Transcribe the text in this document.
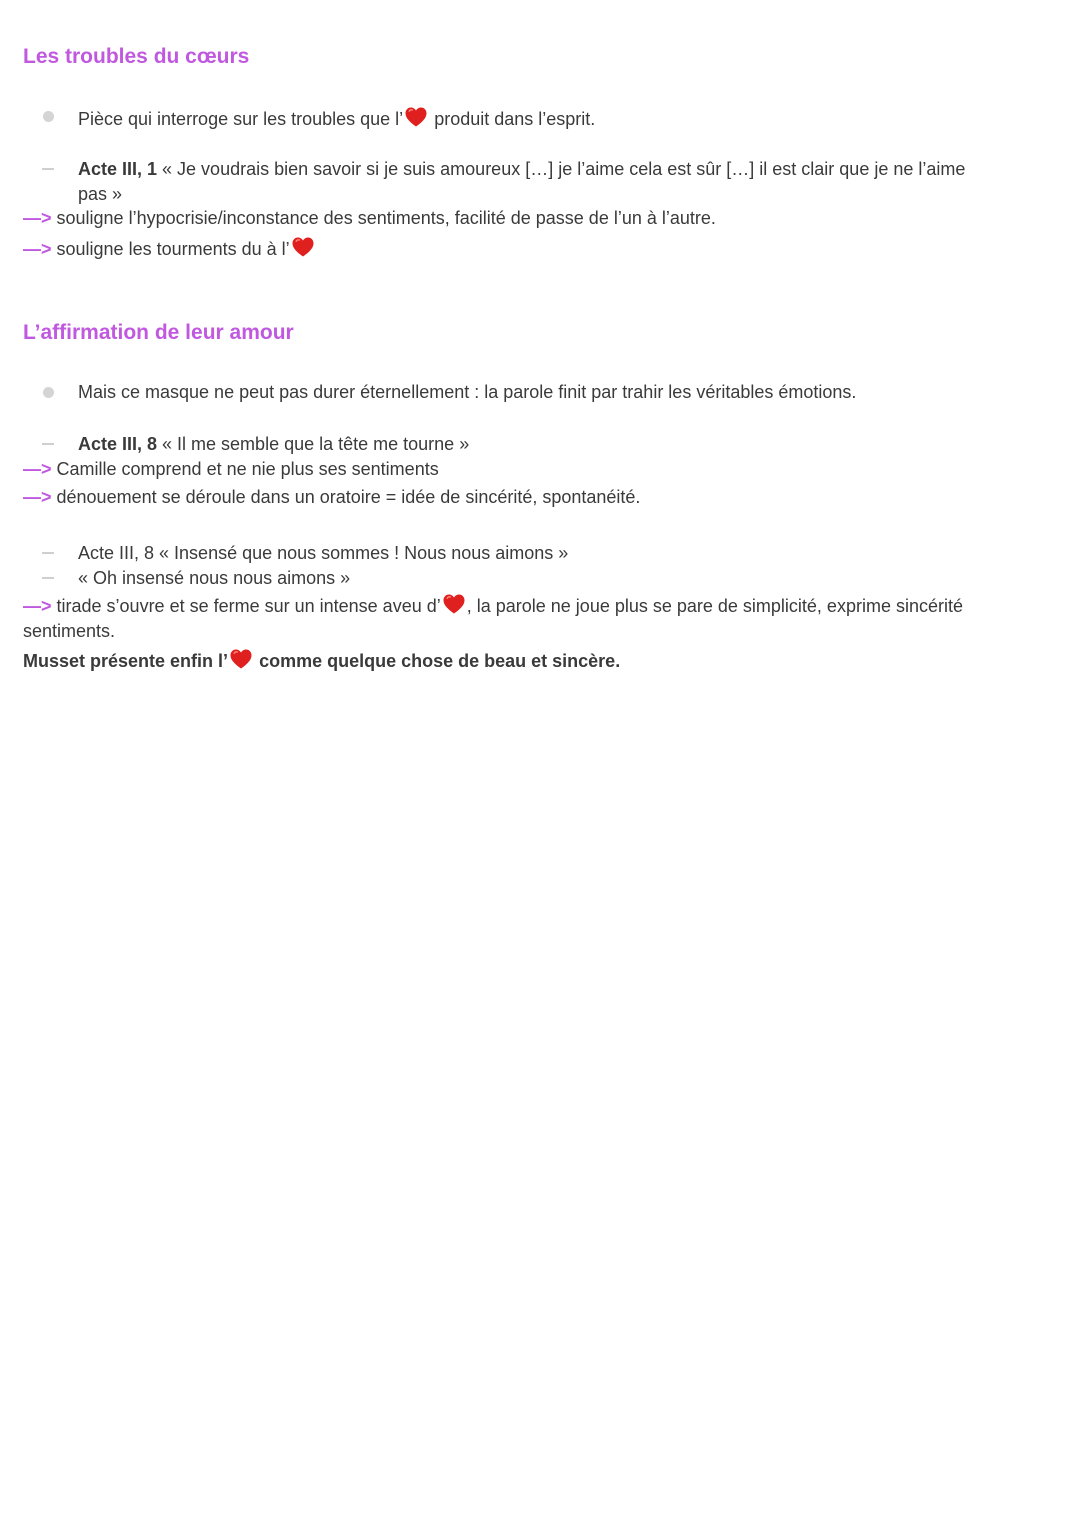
Les troubles du cœurs
Pièce qui interroge sur les troubles que l’ produit dans l’esprit.
Acte III, 1 « Je voudrais bien savoir si je suis amoureux […] je l’aime cela est sûr […] il est clair que je ne l’aime
pas »
—> souligne l’hypocrisie/inconstance des sentiments, facilité de passe de l’un à l’autre.
—> souligne les tourments du à l’
L’affirmation de leur amour
Mais ce masque ne peut pas durer éternellement : la parole finit par trahir les véritables émotions.
Acte III, 8 « Il me semble que la tête me tourne »
—> Camille comprend et ne nie plus ses sentiments
—> dénouement se déroule dans un oratoire = idée de sincérité, spontanéité.
Acte III, 8 « Insensé que nous sommes ! Nous nous aimons »
« Oh insensé nous nous aimons »
—> tirade s’ouvre et se ferme sur un intense aveu d’ , la parole ne joue plus se pare de simplicité, exprime sincérité
sentiments.
Musset présente enfin l’ comme quelque chose de beau et sincère.
